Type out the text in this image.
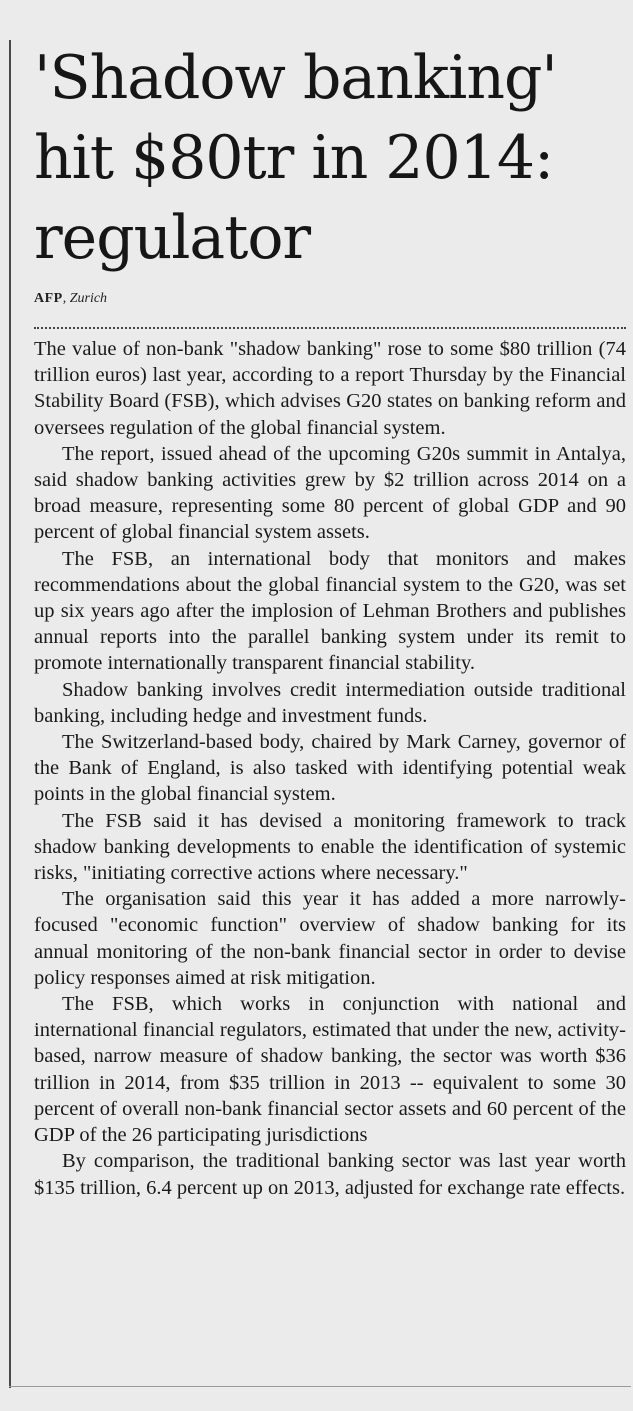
'Shadow banking' hit $80tr in 2014: regulator
AFP, Zurich

The value of non-bank "shadow banking" rose to some $80 trillion (74 trillion euros) last year, according to a report Thursday by the Financial Stability Board (FSB), which advises G20 states on banking reform and oversees regulation of the global financial system.

The report, issued ahead of the upcoming G20s summit in Antalya, said shadow banking activities grew by $2 trillion across 2014 on a broad measure, representing some 80 percent of global GDP and 90 percent of global financial system assets.

The FSB, an international body that monitors and makes recommendations about the global financial system to the G20, was set up six years ago after the implosion of Lehman Brothers and publishes annual reports into the parallel banking system under its remit to promote internationally transparent financial stability.

Shadow banking involves credit intermediation outside traditional banking, including hedge and investment funds.

The Switzerland-based body, chaired by Mark Carney, governor of the Bank of England, is also tasked with identifying potential weak points in the global financial system.

The FSB said it has devised a monitoring framework to track shadow banking developments to enable the identification of systemic risks, "initiating corrective actions where necessary."

The organisation said this year it has added a more narrowly-focused "economic function" overview of shadow banking for its annual monitoring of the non-bank financial sector in order to devise policy responses aimed at risk mitigation.

The FSB, which works in conjunction with national and international financial regulators, estimated that under the new, activity-based, narrow measure of shadow banking, the sector was worth $36 trillion in 2014, from $35 trillion in 2013 -- equivalent to some 30 percent of overall non-bank financial sector assets and 60 percent of the GDP of the 26 participating jurisdictions

By comparison, the traditional banking sector was last year worth $135 trillion, 6.4 percent up on 2013, adjusted for exchange rate effects.
